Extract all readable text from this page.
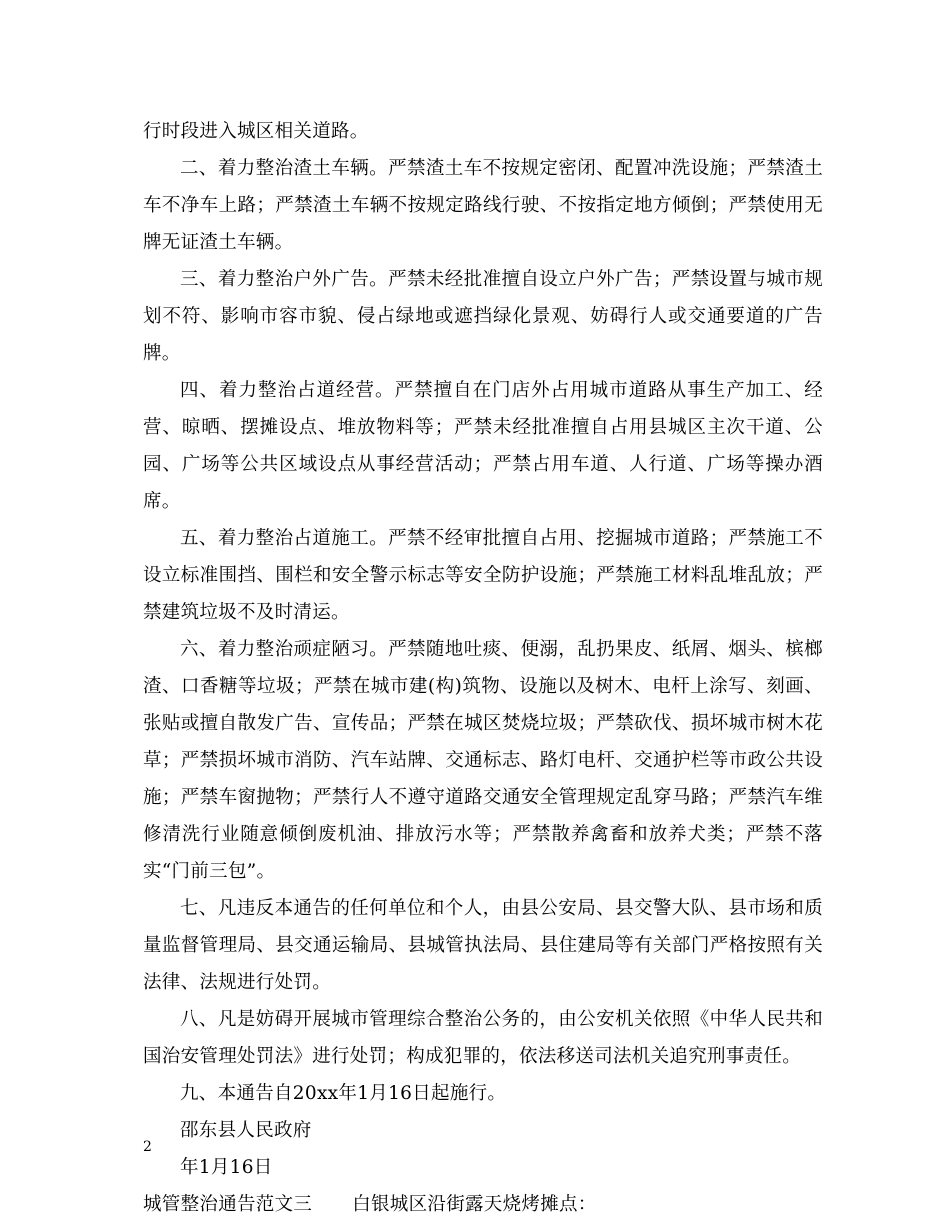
行时段进入城区相关道路。

二、着力整治渣土车辆。严禁渣土车不按规定密闭、配置冲洗设施；严禁渣土车不净车上路；严禁渣土车辆不按规定路线行驶、不按指定地方倾倒；严禁使用无牌无证渣土车辆。

三、着力整治户外广告。严禁未经批准擅自设立户外广告；严禁设置与城市规划不符、影响市容市貌、侵占绿地或遮挡绿化景观、妨碍行人或交通要道的广告牌。

四、着力整治占道经营。严禁擅自在门店外占用城市道路从事生产加工、经营、晾晒、摆摊设点、堆放物料等；严禁未经批准擅自占用县城区主次干道、公园、广场等公共区域设点从事经营活动；严禁占用车道、人行道、广场等操办酒席。

五、着力整治占道施工。严禁不经审批擅自占用、挖掘城市道路；严禁施工不设立标准围挡、围栏和安全警示标志等安全防护设施；严禁施工材料乱堆乱放；严禁建筑垃圾不及时清运。

六、着力整治顽症陋习。严禁随地吐痰、便溺，乱扔果皮、纸屑、烟头、槟榔渣、口香糖等垃圾；严禁在城市建(构)筑物、设施以及树木、电杆上涂写、刻画、张贴或擅自散发广告、宣传品；严禁在城区焚烧垃圾；严禁砍伐、损坏城市树木花草；严禁损坏城市消防、汽车站牌、交通标志、路灯电杆、交通护栏等市政公共设施；严禁车窗抛物；严禁行人不遵守道路交通安全管理规定乱穿马路；严禁汽车维修清洗行业随意倾倒废机油、排放污水等；严禁散养禽畜和放养犬类；严禁不落实“门前三包”。

七、凡违反本通告的任何单位和个人，由县公安局、县交警大队、县市场和质量监督管理局、县交通运输局、县城管执法局、县住建局等有关部门严格按照有关法律、法规进行处罚。

八、凡是妨碍开展城市管理综合整治公务的，由公安机关依照《中华人民共和国治安管理处罚法》进行处罚；构成犯罪的，依法移送司法机关追究刑事责任。

九、本通告自20xx年1月16日起施行。

邵东县人民政府

年1月16日

城管整治通告范文三 白银城区沿街露天烧烤摊点：

2
